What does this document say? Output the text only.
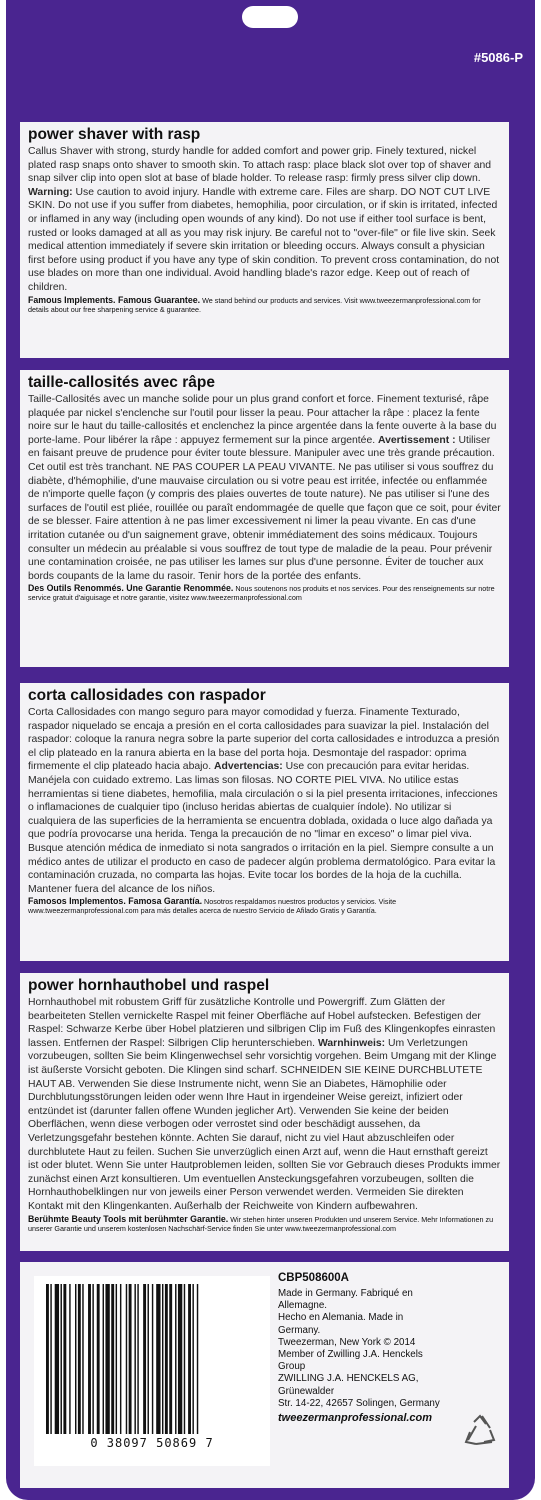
#5086-P
power shaver with rasp

Callus Shaver with strong, sturdy handle for added comfort and power grip. Finely textured, nickel plated rasp snaps onto shaver to smooth skin. To attach rasp: place black slot over top of shaver and snap silver clip into open slot at base of blade holder. To release rasp: firmly press silver clip down. Warning: Use caution to avoid injury. Handle with extreme care. Files are sharp. DO NOT CUT LIVE SKIN. Do not use if you suffer from diabetes, hemophilia, poor circulation, or if skin is irritated, infected or inflamed in any way (including open wounds of any kind). Do not use if either tool surface is bent, rusted or looks damaged at all as you may risk injury. Be careful not to "over-file" or file live skin. Seek medical attention immediately if severe skin irritation or bleeding occurs. Always consult a physician first before using product if you have any type of skin condition. To prevent cross contamination, do not use blades on more than one individual. Avoid handling blade's razor edge. Keep out of reach of children.

Famous Implements. Famous Guarantee. We stand behind our products and services. Visit www.tweezermanprofessional.com for details about our free sharpening service & guarantee.

taille-callosités avec râpe

Taille-Callosités avec un manche solide pour un plus grand confort et force. Finement texturisé, râpe plaquée par nickel s'enclenche sur l'outil pour lisser la peau. Pour attacher la râpe : placez la fente noire sur le haut du taille-callosités et enclenchez la pince argentée dans la fente ouverte à la base du porte-lame. Pour libérer la râpe : appuyez fermement sur la pince argentée. Avertissement : Utiliser en faisant preuve de prudence pour éviter toute blessure. Manipuler avec une très grande précaution. Cet outil est très tranchant. NE PAS COUPER LA PEAU VIVANTE. Ne pas utiliser si vous souffrez du diabète, d'hémophilie, d'une mauvaise circulation ou si votre peau est irritée, infectée ou enflammée de n'importe quelle façon (y compris des plaies ouvertes de toute nature). Ne pas utiliser si l'une des surfaces de l'outil est pliée, rouillée ou paraît endommagée de quelle que façon que ce soit, pour éviter de se blesser. Faire attention à ne pas limer excessivement ni limer la peau vivante. En cas d'une irritation cutanée ou d'un saignement grave, obtenir immédiatement des soins médicaux. Toujours consulter un médecin au préalable si vous souffrez de tout type de maladie de la peau. Pour prévenir une contamination croisée, ne pas utiliser les lames sur plus d'une personne. Éviter de toucher aux bords coupants de la lame du rasoir. Tenir hors de la portée des enfants.

Des Outils Renommés. Une Garantie Renommée. Nous soutenons nos produits et nos services. Pour des renseignements sur notre service gratuit d'aiguisage et notre garantie, visitez www.tweezermanprofessional.com

corta callosidades con raspador

Corta Callosidades con mango seguro para mayor comodidad y fuerza. Finamente Texturado, raspador niquelado se encaja a presión en el corta callosidades para suavizar la piel. Instalación del raspador: coloque la ranura negra sobre la parte superior del corta callosidades e introduzca a presión el clip plateado en la ranura abierta en la base del porta hoja. Desmontaje del raspador: oprima firmemente el clip plateado hacia abajo. Advertencias: Use con precaución para evitar heridas. Manéjela con cuidado extremo. Las limas son filosas. NO CORTE PIEL VIVA. No utilice estas herramientas si tiene diabetes, hemofilia, mala circulación o si la piel presenta irritaciones, infecciones o inflamaciones de cualquier tipo (incluso heridas abiertas de cualquier índole). No utilizar si cualquiera de las superficies de la herramienta se encuentra doblada, oxidada o luce algo dañada ya que podría provocarse una herida. Tenga la precaución de no "limar en exceso" o limar piel viva. Busque atención médica de inmediato si nota sangrados o irritación en la piel. Siempre consulte a un médico antes de utilizar el producto en caso de padecer algún problema dermatológico. Para evitar la contaminación cruzada, no comparta las hojas. Evite tocar los bordes de la hoja de la cuchilla. Mantener fuera del alcance de los niños.

Famosos Implementos. Famosa Garantía. Nosotros respaldamos nuestros productos y servicios. Visite www.tweezermanprofessional.com para más detalles acerca de nuestro Servicio de Afilado Gratis y Garantía.

power hornhauthobel und raspel

Hornhauthobel mit robustem Griff für zusätzliche Kontrolle und Powergriff. Zum Glätten der bearbeiteten Stellen vernickelte Raspel mit feiner Oberfläche auf Hobel aufstecken. Befestigen der Raspel: Schwarze Kerbe über Hobel platzieren und silbrigen Clip im Fuß des Klingenkopfes einrasten lassen. Entfernen der Raspel: Silbrigen Clip herunterschieben. Warnhinweis: Um Verletzungen vorzubeugen, sollten Sie beim Klingenwechsel sehr vorsichtig vorgehen. Beim Umgang mit der Klinge ist äußerste Vorsicht geboten. Die Klingen sind scharf. SCHNEIDEN SIE KEINE DURCHBLUTETE HAUT AB. Verwenden Sie diese Instrumente nicht, wenn Sie an Diabetes, Hämophilie oder Durchblutungsstörungen leiden oder wenn Ihre Haut in irgendeiner Weise gereizt, infiziert oder entzündet ist (darunter fallen offene Wunden jeglicher Art). Verwenden Sie keine der beiden Oberflächen, wenn diese verbogen oder verrostet sind oder beschädigt aussehen, da Verletzungsgefahr bestehen könnte. Achten Sie darauf, nicht zu viel Haut abzuschleifen oder durchblutete Haut zu feilen. Suchen Sie unverzüglich einen Arzt auf, wenn die Haut ernsthaft gereizt ist oder blutet. Wenn Sie unter Hautproblemen leiden, sollten Sie vor Gebrauch dieses Produkts immer zunächst einen Arzt konsultieren. Um eventuellen Ansteckungsgefahren vorzubeugen, sollten die Hornhauthobelklingen nur von jeweils einer Person verwendet werden. Vermeiden Sie direkten Kontakt mit den Klingenkanten. Außerhalb der Reichweite von Kindern aufbewahren.

Berühmte Beauty Tools mit berühmter Garantie. Wir stehen hinter unseren Produkten und unserem Service. Mehr Informationen zu unserer Garantie und unserem kostenlosen Nachschärf-Service finden Sie unter www.tweezermanprofessional.com

0 38097 50869 7
CBP508600A
Made in Germany. Fabriqué en Allemagne.
Hecho en Alemania. Made in Germany.
Tweezerman, New York © 2014
Member of Zwilling J.A. Henckels Group
ZWILLING J.A. HENCKELS AG, Grünewalder
Str. 14-22, 42657 Solingen, Germany
tweezermanprofessional.com
